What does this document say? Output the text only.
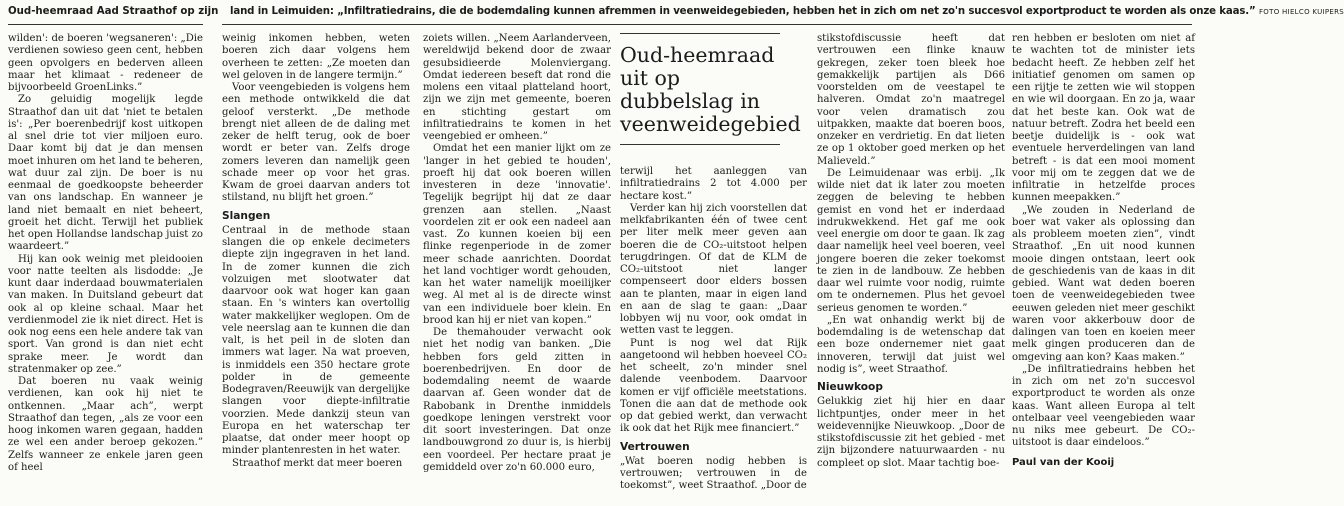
Oud-heemraad Aad Straathof op zijn land in Leimuiden: „Infiltratiedrains, die de bodemdaling kunnen afremmen in veenweidegebieden, hebben het in zich om net zo'n succesvol exportproduct te worden als onze kaas.” FOTO HIELCO KUIPERS

wilden': de boeren 'wegsaneren': „Die verdienen sowieso geen cent, hebben geen opvolgers en bederven alleen maar het klimaat - redeneer de bijvoorbeeld GroenLinks.”

Zo geluidig mogelijk legde Straathof dan uit dat 'niet te betalen is': „Per boerenbedrijf kost uitkopen al snel drie tot vier miljoen euro. Daar komt bij dat je dan mensen moet inhuren om het land te beheren, wat duur zal zijn. De boer is nu eenmaal de goedkoopste beheerder van ons landschap. En wanneer je land niet bemaalt en niet beheert, groeit het dicht. Terwijl het publiek het open Hollandse landschap juist zo waardeert.”

Hij kan ook weinig met pleidooien voor natte teelten als lisdodde: „Je kunt daar inderdaad bouwmaterialen van maken. In Duitsland gebeurt dat ook al op kleine schaal. Maar het verdienmodel zie ik niet direct. Het is ook nog eens een hele andere tak van sport. Van grond is dan niet echt sprake meer. Je wordt dan stratenmaker op zee.”

Dat boeren nu vaak weinig verdienen, kan ook hij niet te ontkennen. „Maar ach”, werpt Straathof dan tegen, „als ze voor een hoog inkomen waren gegaan, hadden ze wel een ander beroep gekozen.” Zelfs wanneer ze enkele jaren geen of heel

weinig inkomen hebben, weten boeren zich daar volgens hem overheen te zetten: „Ze moeten dan wel geloven in de langere termijn.”

Voor veengebieden is volgens hem een methode ontwikkeld die dat geloof versterkt. „De methode brengt niet alleen de de daling met zeker de helft terug, ook de boer wordt er beter van. Zelfs droge zomers leveren dan namelijk geen schade meer op voor het gras. Kwam de groei daarvan anders tot stilstand, nu blijft het groen.”

Slangen

Centraal in de methode staan slangen die op enkele decimeters diepte zijn ingegraven in het land. In de zomer kunnen die zich volzuigen met slootwater dat daarvoor ook wat hoger kan gaan staan. En 's winters kan overtollig water makkelijker weglopen. Om de vele neerslag aan te kunnen die dan valt, is het peil in de sloten dan immers wat lager. Na wat proeven, is inmiddels een 350 hectare grote polder in de gemeente Bodegraven/Reeuwijk van dergelijke slangen voor diepte-infiltratie voorzien. Mede dankzij steun van Europa en het waterschap ter plaatse, dat onder meer hoopt op minder plantenresten in het water.

Straathof merkt dat meer boeren

zoiets willen. „Neem Aarlanderveen, wereldwijd bekend door de zwaar gesubsidieerde Molenviergang. Omdat iedereen beseft dat rond die molens een vitaal platteland hoort, zijn we zijn met gemeente, boeren en stichting gestart om infiltratiedrains te komen in het veengebied er omheen.”

Omdat het een manier lijkt om ze 'langer in het gebied te houden', proeft hij dat ook boeren willen investeren in deze 'innovatie'. Tegelijk begrijpt hij dat ze daar grenzen aan stellen. „Naast voordelen zit er ook een nadeel aan vast. Zo kunnen koeien bij een flinke regenperiode in de zomer meer schade aanrichten. Doordat het land vochtiger wordt gehouden, kan het water namelijk moeilijker weg. Al met al is de directe winst van een individuele boer klein. En brood kan hij er niet van kopen.”

De themahouder verwacht ook niet het nodig van banken. „Die hebben fors geld zitten in boerenbedrijven. En door de bodemdaling neemt de waarde daarvan af. Geen wonder dat de Rabobank in Drenthe inmiddels goedkope leningen verstrekt voor dit soort investeringen. Dat onze landbouwgrond zo duur is, is hierbij een voordeel. Per hectare praat je gemiddeld over zo'n 60.000 euro,

Oud-heemraad uit op dubbelslag in veenweidegebied

terwijl het aanleggen van infiltratiedrains 2 tot 4.000 per hectare kost.”

Verder kan hij zich voorstellen dat melkfabrikanten één of twee cent per liter melk meer geven aan boeren die de CO₂-uitstoot helpen terugdringen. Of dat de KLM de CO₂-uitstoot niet langer compenseert door elders bossen aan te planten, maar in eigen land en aan de slag te gaan: „Daar lobbyen wij nu voor, ook omdat in wetten vast te leggen.

Punt is nog wel dat Rijk aangetoond wil hebben hoeveel CO₂ het scheelt, zo'n minder snel dalende veenbodem. Daarvoor komen er vijf officiële meetstations. Tonen die aan dat de methode ook op dat gebied werkt, dan verwacht ik ook dat het Rijk mee financiert.”

Vertrouwen

„Wat boeren nodig hebben is vertrouwen; vertrouwen in de toekomst”, weet Straathof. „Door de

stikstofdiscussie heeft dat vertrouwen een flinke knauw gekregen, zeker toen bleek hoe gemakkelijk partijen als D66 voorstelden om de veestapel te halveren. Omdat zo'n maatregel voor velen dramatisch zou uitpakken, maakte dat boeren boos, onzeker en verdrietig. En dat lieten ze op 1 oktober goed merken op het Malieveld.”

De Leimuidenaar was erbij. „Ik wilde niet dat ik later zou moeten zeggen de beleving te hebben gemist en vond het er inderdaad indrukwekkend. Het gaf me ook veel energie om door te gaan. Ik zag daar namelijk heel veel boeren, veel jongere boeren die zeker toekomst te zien in de landbouw. Ze hebben daar wel ruimte voor nodig, ruimte om te ondernemen. Plus het gevoel serieus genomen te worden.”

„En wat onhandig werkt bij de bodemdaling is de wetenschap dat een boze ondernemer niet gaat innoveren, terwijl dat juist wel nodig is”, weet Straathof.

Nieuwkoop

Gelukkig ziet hij hier en daar lichtpuntjes, onder meer in het weidevennijke Nieuwkoop. „Door de stikstofdiscussie zit het gebied - met zijn bijzondere natuurwaarden - nu compleet op slot. Maar tachtig boe-

ren hebben er besloten om niet af te wachten tot de minister iets bedacht heeft. Ze hebben zelf het initiatief genomen om samen op een rijtje te zetten wie wil stoppen en wie wil doorgaan. En zo ja, waar dat het beste kan. Ook wat de natuur betreft. Zodra het beeld een beetje duidelijk is - ook wat eventuele herverdelingen van land betreft - is dat een mooi moment voor mij om te zeggen dat we de infiltratie in hetzelfde proces kunnen meepakken.”

„We zouden in Nederland de boer wat vaker als oplossing dan als probleem moeten zien”, vindt Straathof. „En uit nood kunnen mooie dingen ontstaan, leert ook de geschiedenis van de kaas in dit gebied. Want wat deden boeren toen de veenweidegebieden twee eeuwen geleden niet meer geschikt waren voor akkerbouw door de dalingen van toen en koeien meer melk gingen produceren dan de omgeving aan kon? Kaas maken.”

„De infiltratiedrains hebben het in zich om net zo'n succesvol exportproduct te worden als onze kaas. Want alleen Europa al telt ontelbaar veel veengebieden waar nu niks mee gebeurt. De CO₂-uitstoot is daar eindeloos.”

Paul van der Kooij
